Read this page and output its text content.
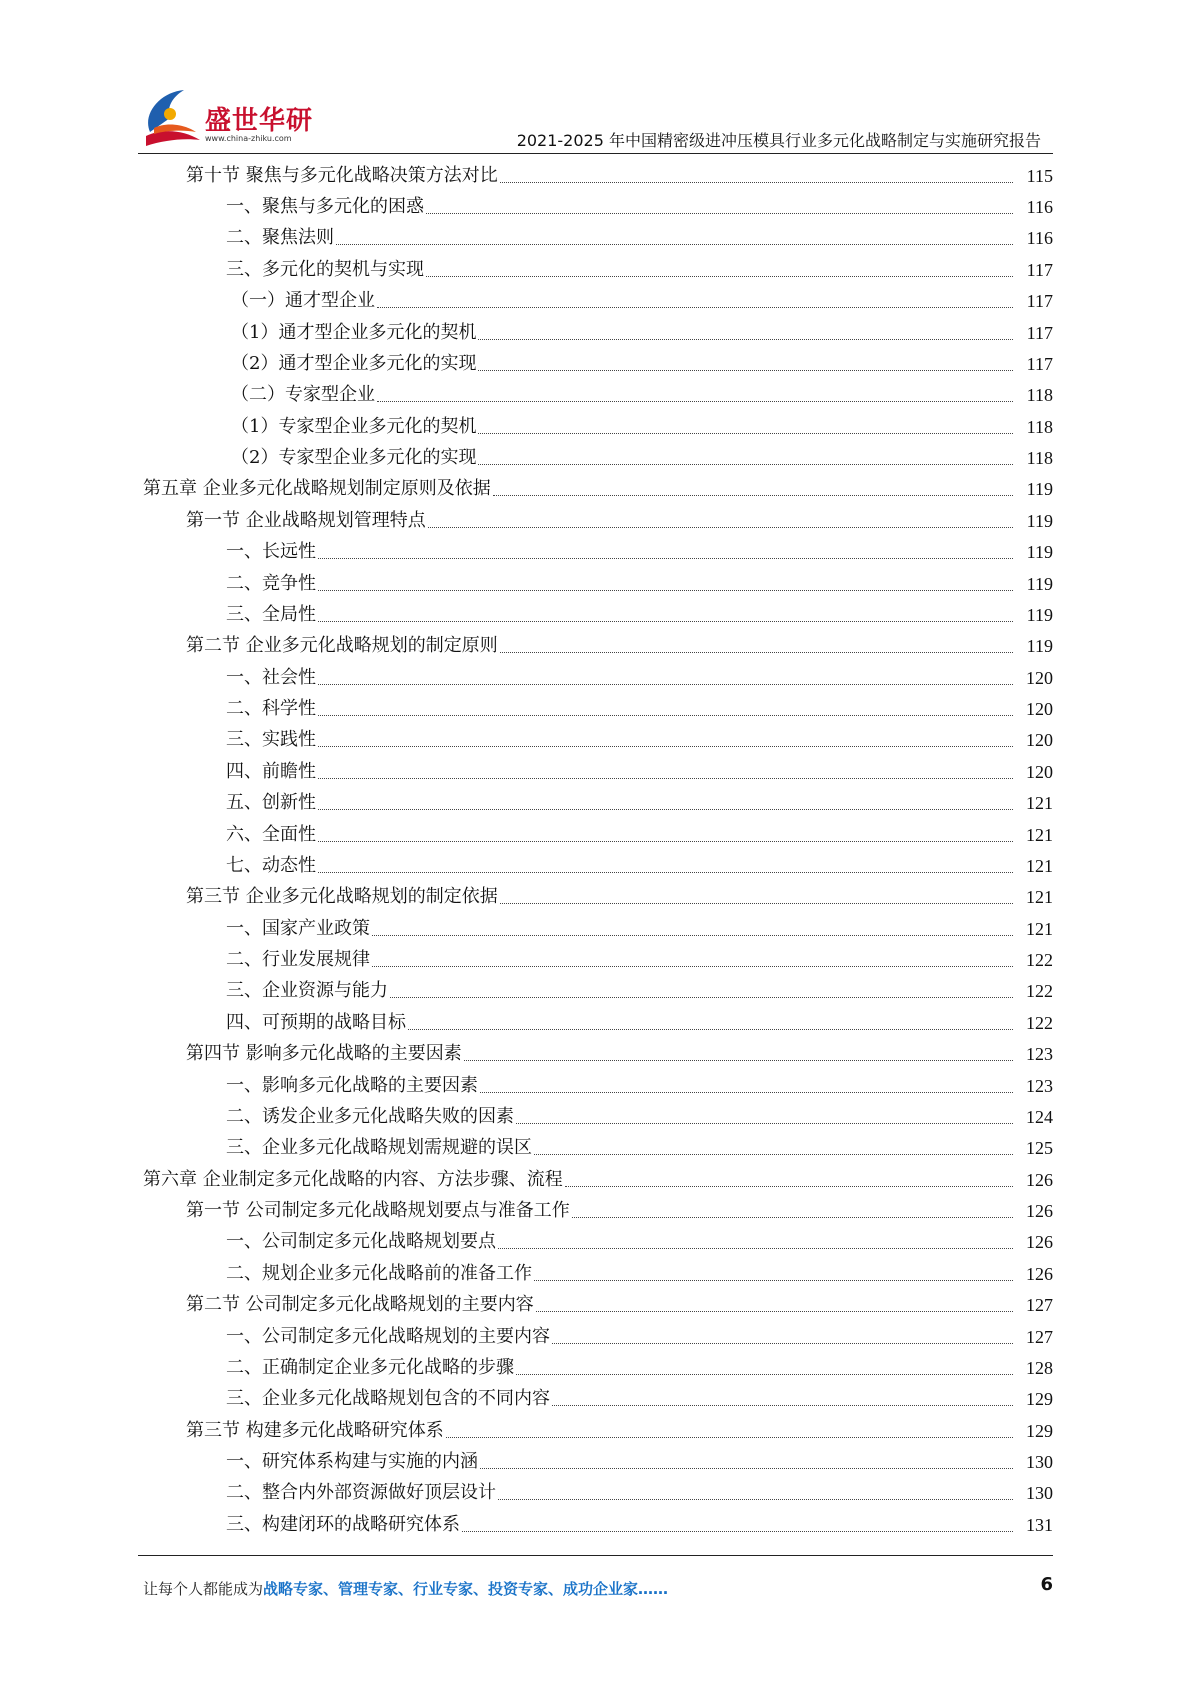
盛世华研
www.china-zhiku.com	2021-2025 年中国精密级进冲压模具行业多元化战略制定与实施研究报告
第十节 聚焦与多元化战略决策方法对比	115
一、聚焦与多元化的困惑	116
二、聚焦法则	116
三、多元化的契机与实现	117
（一）通才型企业	117
（1）通才型企业多元化的契机	117
（2）通才型企业多元化的实现	117
（二）专家型企业	118
（1）专家型企业多元化的契机	118
（2）专家型企业多元化的实现	118
第五章 企业多元化战略规划制定原则及依据	119
第一节 企业战略规划管理特点	119
一、长远性	119
二、竞争性	119
三、全局性	119
第二节 企业多元化战略规划的制定原则	119
一、社会性	120
二、科学性	120
三、实践性	120
四、前瞻性	120
五、创新性	121
六、全面性	121
七、动态性	121
第三节 企业多元化战略规划的制定依据	121
一、国家产业政策	121
二、行业发展规律	122
三、企业资源与能力	122
四、可预期的战略目标	122
第四节 影响多元化战略的主要因素	123
一、影响多元化战略的主要因素	123
二、诱发企业多元化战略失败的因素	124
三、企业多元化战略规划需规避的误区	125
第六章 企业制定多元化战略的内容、方法步骤、流程	126
第一节 公司制定多元化战略规划要点与准备工作	126
一、公司制定多元化战略规划要点	126
二、规划企业多元化战略前的准备工作	126
第二节 公司制定多元化战略规划的主要内容	127
一、公司制定多元化战略规划的主要内容	127
二、正确制定企业多元化战略的步骤	128
三、企业多元化战略规划包含的不同内容	129
第三节 构建多元化战略研究体系	129
一、研究体系构建与实施的内涵	130
二、整合内外部资源做好顶层设计	130
三、构建闭环的战略研究体系	131
让每个人都能成为战略专家、管理专家、行业专家、投资专家、成功企业家……	6
